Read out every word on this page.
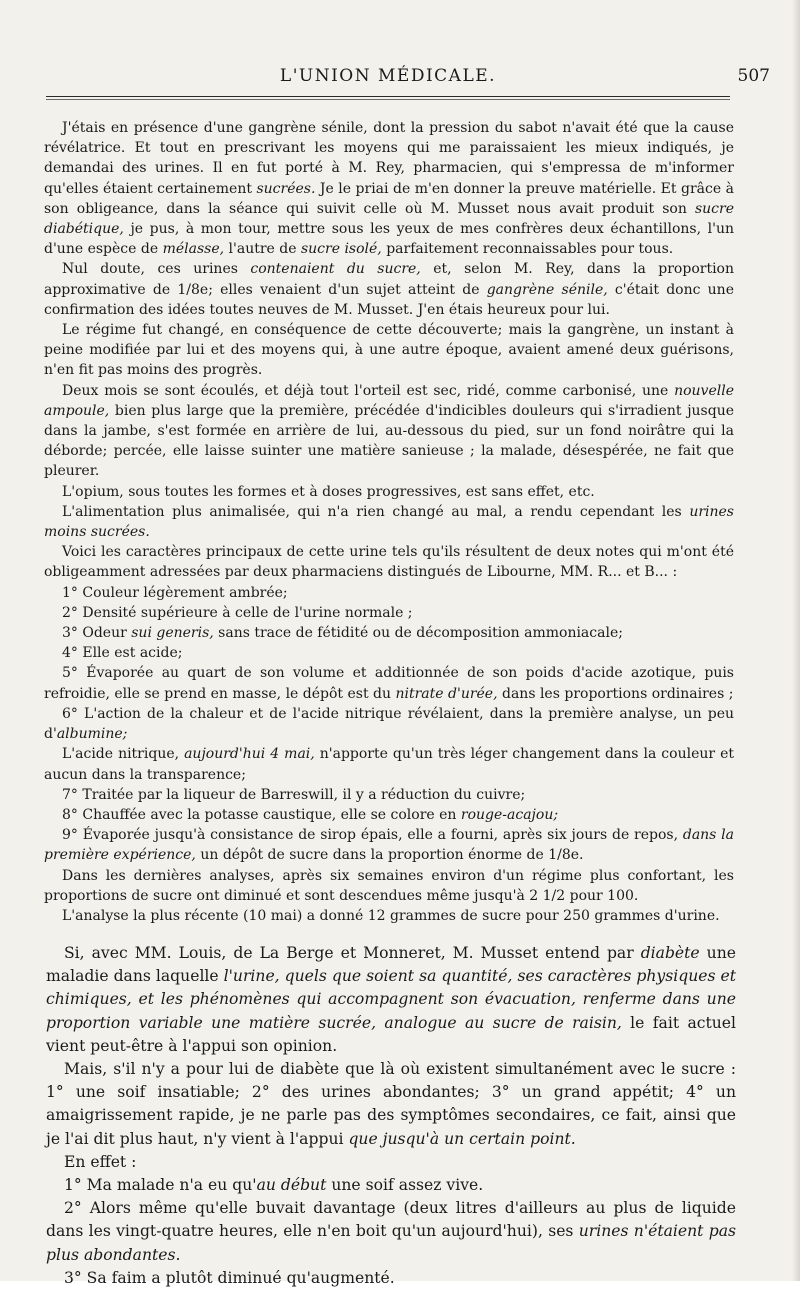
L'UNION MÉDICALE.	507

J'étais en présence d'une gangrène sénile, dont la pression du sabot n'avait été que la cause révélatrice. Et tout en prescrivant les moyens qui me paraissaient les mieux indiqués, je demandai des urines. Il en fut porté à M. Rey, pharmacien, qui s'empressa de m'informer qu'elles étaient certainement sucrées. Je le priai de m'en donner la preuve matérielle. Et grâce à son obligeance, dans la séance qui suivit celle où M. Musset nous avait produit son sucre diabétique, je pus, à mon tour, mettre sous les yeux de mes confrères deux échantillons, l'un d'une espèce de mélasse, l'autre de sucre isolé, parfaitement reconnaissables pour tous.

Nul doute, ces urines contenaient du sucre, et, selon M. Rey, dans la proportion approximative de 1/8e; elles venaient d'un sujet atteint de gangrène sénile, c'était donc une confirmation des idées toutes neuves de M. Musset. J'en étais heureux pour lui.

Le régime fut changé, en conséquence de cette découverte; mais la gangrène, un instant à peine modifiée par lui et des moyens qui, à une autre époque, avaient amené deux guérisons, n'en fit pas moins des progrès.

Deux mois se sont écoulés, et déjà tout l'orteil est sec, ridé, comme carbonisé, une nouvelle ampoule, bien plus large que la première, précédée d'indicibles douleurs qui s'irradient jusque dans la jambe, s'est formée en arrière de lui, au-dessous du pied, sur un fond noirâtre qui la déborde; percée, elle laisse suinter une matière sanieuse ; la malade, désespérée, ne fait que pleurer.

L'opium, sous toutes les formes et à doses progressives, est sans effet, etc.

L'alimentation plus animalisée, qui n'a rien changé au mal, a rendu cependant les urines moins sucrées.

Voici les caractères principaux de cette urine tels qu'ils résultent de deux notes qui m'ont été obligeamment adressées par deux pharmaciens distingués de Libourne, MM. R... et B... :

1° Couleur légèrement ambrée;

2° Densité supérieure à celle de l'urine normale ;

3° Odeur sui generis, sans trace de fétidité ou de décomposition ammoniacale;

4° Elle est acide;

5° Évaporée au quart de son volume et additionnée de son poids d'acide azotique, puis refroidie, elle se prend en masse, le dépôt est du nitrate d'urée, dans les proportions ordinaires ;

6° L'action de la chaleur et de l'acide nitrique révélaient, dans la première analyse, un peu d'albumine;

L'acide nitrique, aujourd'hui 4 mai, n'apporte qu'un très léger changement dans la couleur et aucun dans la transparence;

7° Traitée par la liqueur de Barreswill, il y a réduction du cuivre;

8° Chauffée avec la potasse caustique, elle se colore en rouge-acajou;

9° Évaporée jusqu'à consistance de sirop épais, elle a fourni, après six jours de repos, dans la première expérience, un dépôt de sucre dans la proportion énorme de 1/8e.

Dans les dernières analyses, après six semaines environ d'un régime plus confortant, les proportions de sucre ont diminué et sont descendues même jusqu'à 2 1/2 pour 100.

L'analyse la plus récente (10 mai) a donné 12 grammes de sucre pour 250 grammes d'urine.

Si, avec MM. Louis, de La Berge et Monneret, M. Musset entend par diabète une maladie dans laquelle l'urine, quels que soient sa quantité, ses caractères physiques et chimiques, et les phénomènes qui accompagnent son évacuation, renferme dans une proportion variable une matière sucrée, analogue au sucre de raisin, le fait actuel vient peut-être à l'appui son opinion.

Mais, s'il n'y a pour lui de diabète que là où existent simultanément avec le sucre : 1° une soif insatiable; 2° des urines abondantes; 3° un grand appétit; 4° un amaigrissement rapide, je ne parle pas des symptômes secondaires, ce fait, ainsi que je l'ai dit plus haut, n'y vient à l'appui que jusqu'à un certain point.

En effet :

1° Ma malade n'a eu qu'au début une soif assez vive.

2° Alors même qu'elle buvait davantage (deux litres d'ailleurs au plus de liquide dans les vingt-quatre heures, elle n'en boit qu'un aujourd'hui), ses urines n'étaient pas plus abondantes.

3° Sa faim a plutôt diminué qu'augmenté.
